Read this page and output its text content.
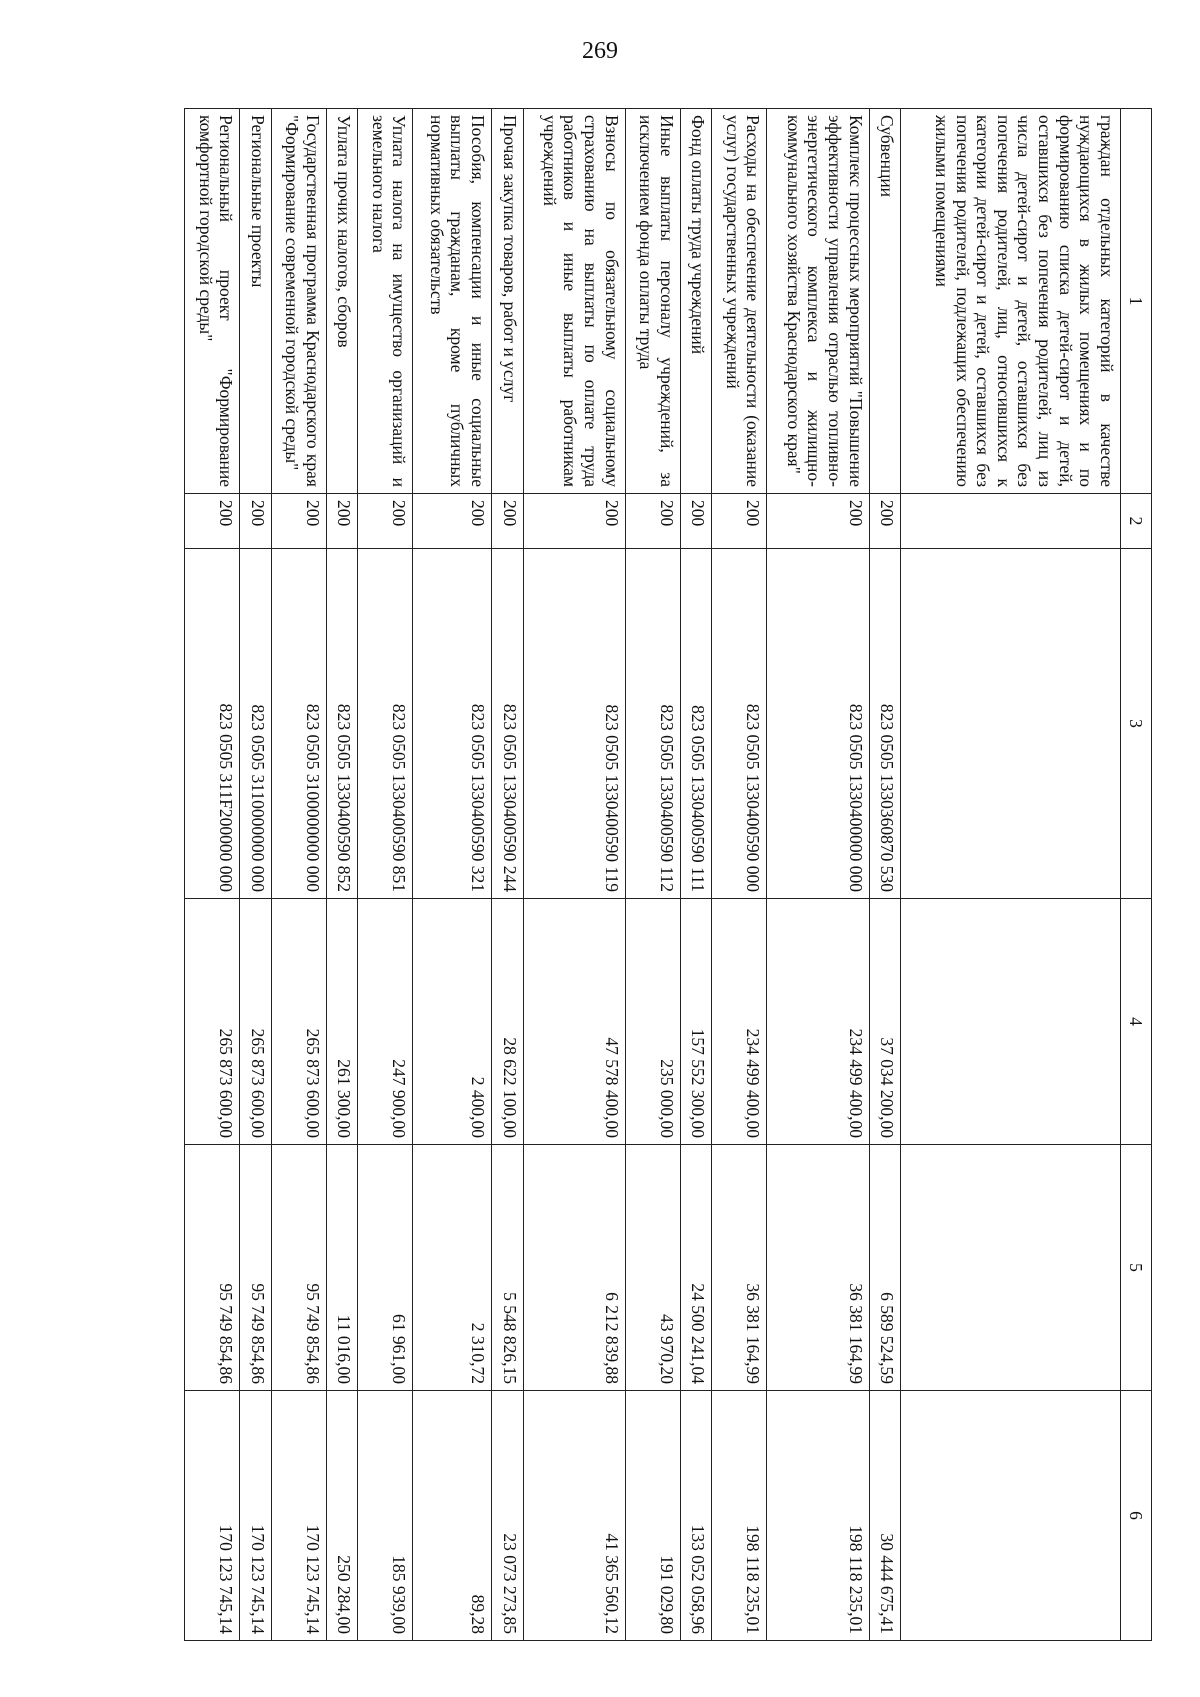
269
1	2	3	4	5	6
граждан отдельных категорий в качестве нуждающихся в жилых помещениях и по формированию списка детей-сирот и детей, оставшихся без попечения родителей, лиц из числа детей-сирот и детей, оставшихся без попечения родителей, лиц, относившихся к категории детей-сирот и детей, оставшихся без попечения родителей, подлежащих обеспечению жилыми помещениями					
Субвенции	200	823 0505 1330360870 530	37 034 200,00	6 589 524,59	30 444 675,41
Комплекс процессных мероприятий "Повышение эффективности управления отраслью топливно-энергетического комплекса и жилищно-коммунального хозяйства Краснодарского края"	200	823 0505 1330400000 000	234 499 400,00	36 381 164,99	198 118 235,01
Расходы на обеспечение деятельности (оказание услуг) государственных учреждений	200	823 0505 1330400590 000	234 499 400,00	36 381 164,99	198 118 235,01
Фонд оплаты труда учреждений	200	823 0505 1330400590 111	157 552 300,00	24 500 241,04	133 052 058,96
Иные выплаты персоналу учреждений, за исключением фонда оплаты труда	200	823 0505 1330400590 112	235 000,00	43 970,20	191 029,80
Взносы по обязательному социальному страхованию на выплаты по оплате труда работников и иные выплаты работникам учреждений	200	823 0505 1330400590 119	47 578 400,00	6 212 839,88	41 365 560,12
Прочая закупка товаров, работ и услуг	200	823 0505 1330400590 244	28 622 100,00	5 548 826,15	23 073 273,85
Пособия, компенсации и иные социальные выплаты гражданам, кроме публичных нормативных обязательств	200	823 0505 1330400590 321	2 400,00	2 310,72	89,28
Уплата налога на имущество организаций и земельного налога	200	823 0505 1330400590 851	247 900,00	61 961,00	185 939,00
Уплата прочих налогов, сборов	200	823 0505 1330400590 852	261 300,00	11 016,00	250 284,00
Государственная программа Краснодарского края "Формирование современной городской среды"	200	823 0505 3100000000 000	265 873 600,00	95 749 854,86	170 123 745,14
Региональные проекты	200	823 0505 3110000000 000	265 873 600,00	95 749 854,86	170 123 745,14
Региональный проект "Формирование комфортной городской среды"	200	823 0505 311F200000 000	265 873 600,00	95 749 854,86	170 123 745,14
